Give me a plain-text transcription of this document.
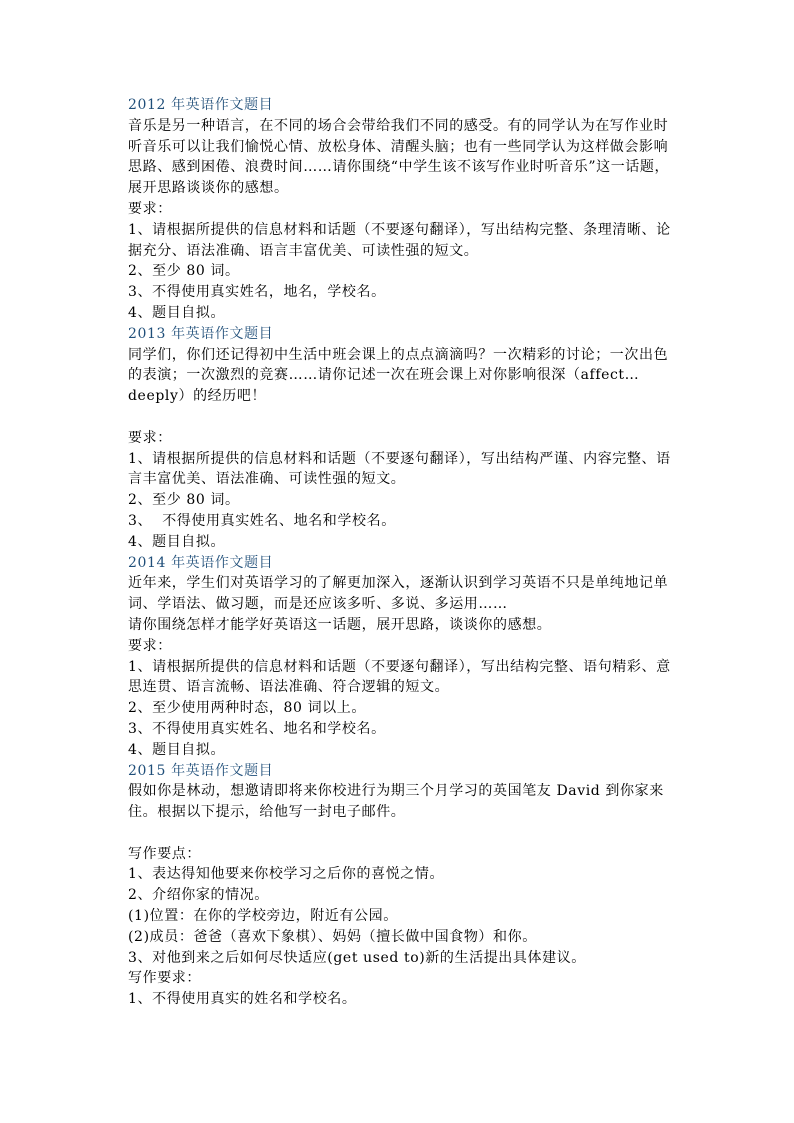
2012 年英语作文题目
音乐是另一种语言，在不同的场合会带给我们不同的感受。有的同学认为在写作业时听音乐可以让我们愉悦心情、放松身体、清醒头脑；也有一些同学认为这样做会影响思路、感到困倦、浪费时间……请你围绕“中学生该不该写作业时听音乐”这一话题，展开思路谈谈你的感想。
要求：
1、请根据所提供的信息材料和话题（不要逐句翻译），写出结构完整、条理清晰、论据充分、语法准确、语言丰富优美、可读性强的短文。
2、至少 80 词。
3、不得使用真实姓名，地名，学校名。
4、题目自拟。
2013 年英语作文题目
同学们，你们还记得初中生活中班会课上的点点滴滴吗？一次精彩的讨论；一次出色的表演；一次激烈的竞赛……请你记述一次在班会课上对你影响很深（affect…deeply）的经历吧！
要求：
1、请根据所提供的信息材料和话题（不要逐句翻译），写出结构严谨、内容完整、语言丰富优美、语法准确、可读性强的短文。
2、至少 80 词。
3、  不得使用真实姓名、地名和学校名。
4、题目自拟。
2014 年英语作文题目
近年来，学生们对英语学习的了解更加深入，逐渐认识到学习英语不只是单纯地记单词、学语法、做习题，而是还应该多听、多说、多运用……
请你围绕怎样才能学好英语这一话题，展开思路，谈谈你的感想。
要求：
1、请根据所提供的信息材料和话题（不要逐句翻译），写出结构完整、语句精彩、意思连贯、语言流畅、语法准确、符合逻辑的短文。
2、至少使用两种时态，80 词以上。
3、不得使用真实姓名、地名和学校名。
4、题目自拟。
2015 年英语作文题目
假如你是林动，想邀请即将来你校进行为期三个月学习的英国笔友 David 到你家来住。根据以下提示，给他写一封电子邮件。
写作要点：
1、表达得知他要来你校学习之后你的喜悦之情。
2、介绍你家的情况。
(1)位置：在你的学校旁边，附近有公园。
(2)成员：爸爸（喜欢下象棋）、妈妈（擅长做中国食物）和你。
3、对他到来之后如何尽快适应(get used to)新的生活提出具体建议。
写作要求：
1、不得使用真实的姓名和学校名。
